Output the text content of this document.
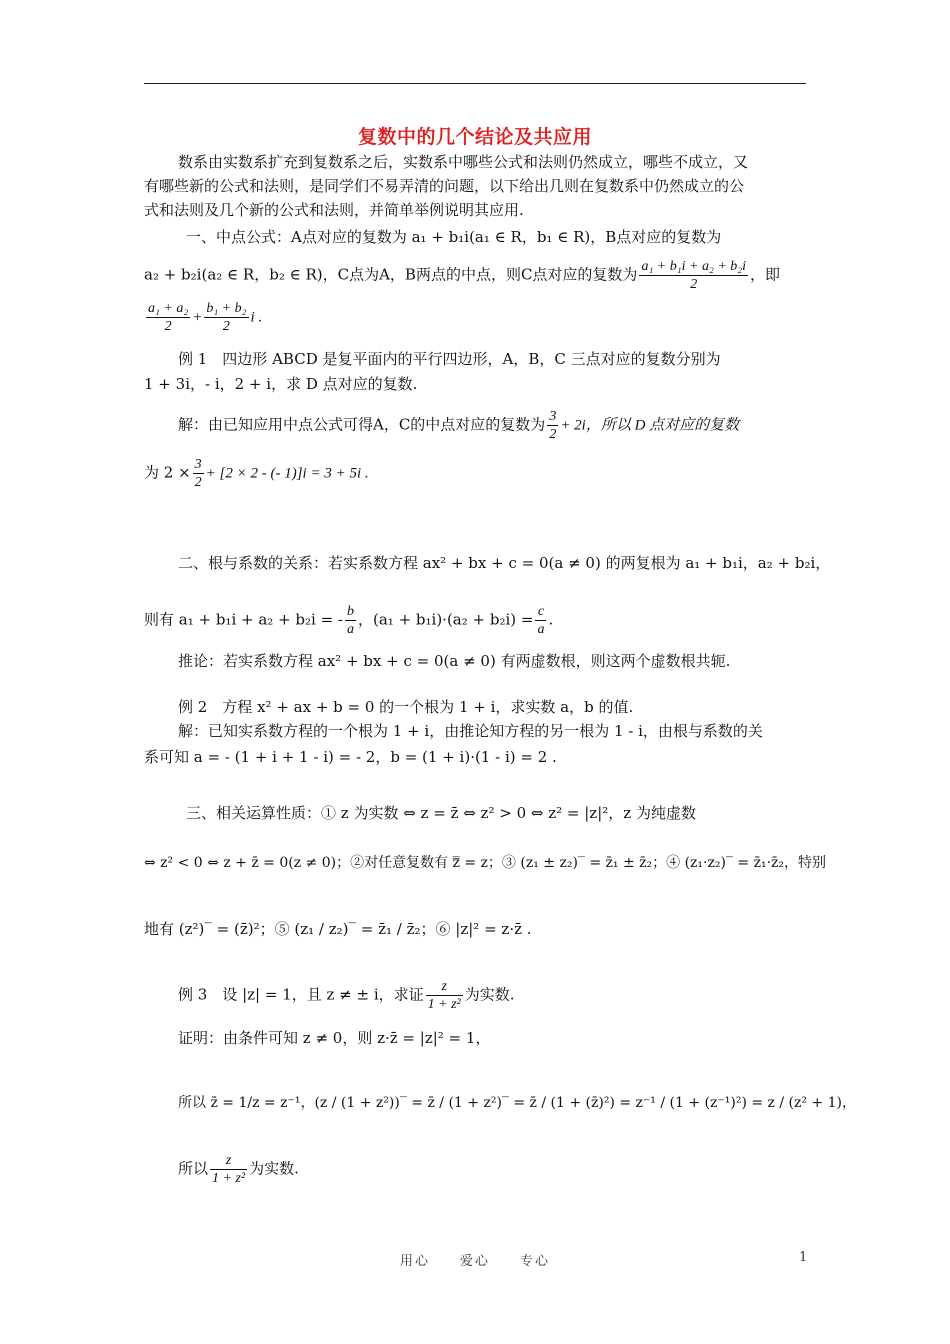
复数中的几个结论及共应用
数系由实数系扩充到复数系之后，实数系中哪些公式和法则仍然成立，哪些不成立，又
有哪些新的公式和法则，是同学们不易弄清的问题，以下给出几则在复数系中仍然成立的公
式和法则及几个新的公式和法则，并简单举例说明其应用.
一、中点公式：A点对应的复数为 a₁ + b₁i(a₁ ∈ R，b₁ ∈ R)，B点对应的复数为
a₂ + b₂i(a₂ ∈ R，b₂ ∈ R)，C点为A，B两点的中点，则C点对应的复数为 $\frac{\text{a₁ + b₁i + a₂ + b₂i}}{2}$ ，即
$\frac{\text{a₁ + a₂}}{2} + \frac{\text{b₁ + b₂}}{2}$ i .
例 1　四边形 ABCD 是复平面内的平行四边形，A，B，C 三点对应的复数分别为
1 + 3i，- i，2 + i，求 D 点对应的复数.
解：由已知应用中点公式可得A，C的中点对应的复数为 $\frac{3}{2} + 2i$，所以 D 点对应的复数
为 $2 \times \frac{3}{2} + [2 \times 2$ - (- 1)]i = 3 + 5i .
二、根与系数的关系：若实系数方程 ax² + bx + c = 0(a ≠ 0) 的两复根为 a₁ + b₁i，a₂ + b₂i，
则有 a₁ + b₁i + a₂ + b₂i = - $\frac{b}{a}$ ，$(a_1 + b_1i)\cdot(a_2 + b_2i) = \frac{c}{a}$ .
推论：若实系数方程 ax² + bx + c = 0(a ≠ 0) 有两虚数根，则这两个虚数根共轭.
例 2　方程 x² + ax + b = 0 的一个根为 1 + i，求实数 a，b 的值.
解：已知实系数方程的一个根为 1 + i，由推论知方程的另一根为 1 - i，由根与系数的关
系可知 a = - (1 + i + 1 - i) = - 2，b = (1 + i)·(1 - i) = 2 .
三、相关运算性质：① z 为实数 ⇔ z = z̄ ⇔ z² > 0 ⇔ z² = |z|²，z 为纯虚数
⇔ z² < 0 ⇔ z + z̄ = 0(z ≠ 0)；②对任意复数有 z̿ = z；③ (z₁ ± z₂)‾ = z̄₁ ± z̄₂；④ (z₁·z₂)‾ = z̄₁·z̄₂，特别
地有 (z²)‾ = (z̄)²；⑤ (z₁ / z₂)‾ = z̄₁ / z̄₂；⑥ |z|² = z·z̄ .
例 3　设 |z| = 1，且 z ≠ ± i，求证 $\frac{z}{\text{1 + z²}}$ 为实数.
证明：由条件可知 z ≠ 0，则 z·z̄ = |z|² = 1，
所以 z̄ = 1/z = z⁻¹，(z / (1 + z²))‾ = z̄ / (1 + z²)‾ = z̄ / (1 + (z̄)²) = z⁻¹ / (1 + (z⁻¹)²) = z / (z² + 1)，
所以 $\frac{z}{\text{1 + z²}}$ 为实数.
用心　　爱心　　专心	1
